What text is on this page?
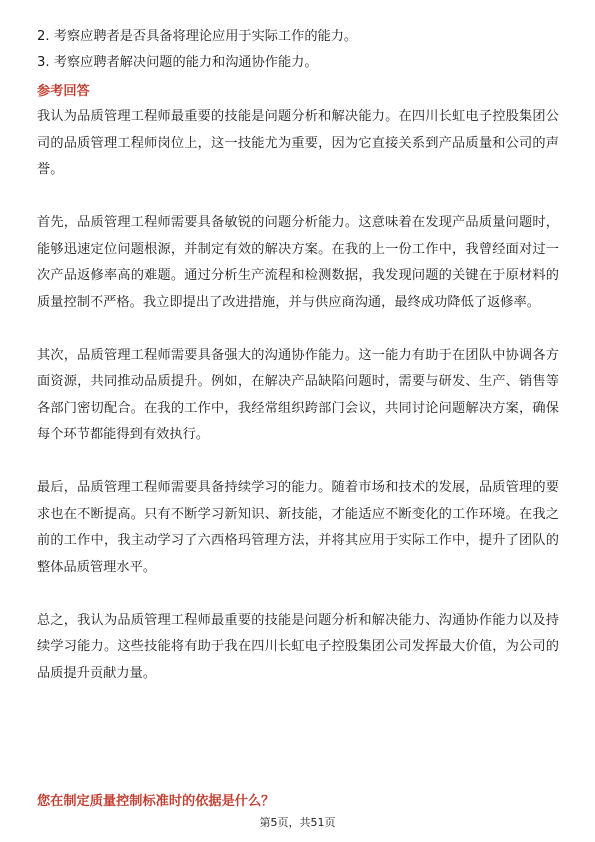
2. 考察应聘者是否具备将理论应用于实际工作的能力。
3. 考察应聘者解决问题的能力和沟通协作能力。
参考回答

我认为品质管理工程师最重要的技能是问题分析和解决能力。在四川长虹电子控股集团公司的品质管理工程师岗位上，这一技能尤为重要，因为它直接关系到产品质量和公司的声誉。

首先，品质管理工程师需要具备敏锐的问题分析能力。这意味着在发现产品质量问题时，能够迅速定位问题根源，并制定有效的解决方案。在我的上一份工作中，我曾经面对过一次产品返修率高的难题。通过分析生产流程和检测数据，我发现问题的关键在于原材料的质量控制不严格。我立即提出了改进措施，并与供应商沟通，最终成功降低了返修率。

其次，品质管理工程师需要具备强大的沟通协作能力。这一能力有助于在团队中协调各方面资源，共同推动品质提升。例如，在解决产品缺陷问题时，需要与研发、生产、销售等各部门密切配合。在我的工作中，我经常组织跨部门会议，共同讨论问题解决方案，确保每个环节都能得到有效执行。

最后，品质管理工程师需要具备持续学习的能力。随着市场和技术的发展，品质管理的要求也在不断提高。只有不断学习新知识、新技能，才能适应不断变化的工作环境。在我之前的工作中，我主动学习了六西格玛管理方法，并将其应用于实际工作中，提升了团队的整体品质管理水平。

总之，我认为品质管理工程师最重要的技能是问题分析和解决能力、沟通协作能力以及持续学习能力。这些技能将有助于我在四川长虹电子控股集团公司发挥最大价值，为公司的品质提升贡献力量。

您在制定质量控制标准时的依据是什么？
第5页，共51页
